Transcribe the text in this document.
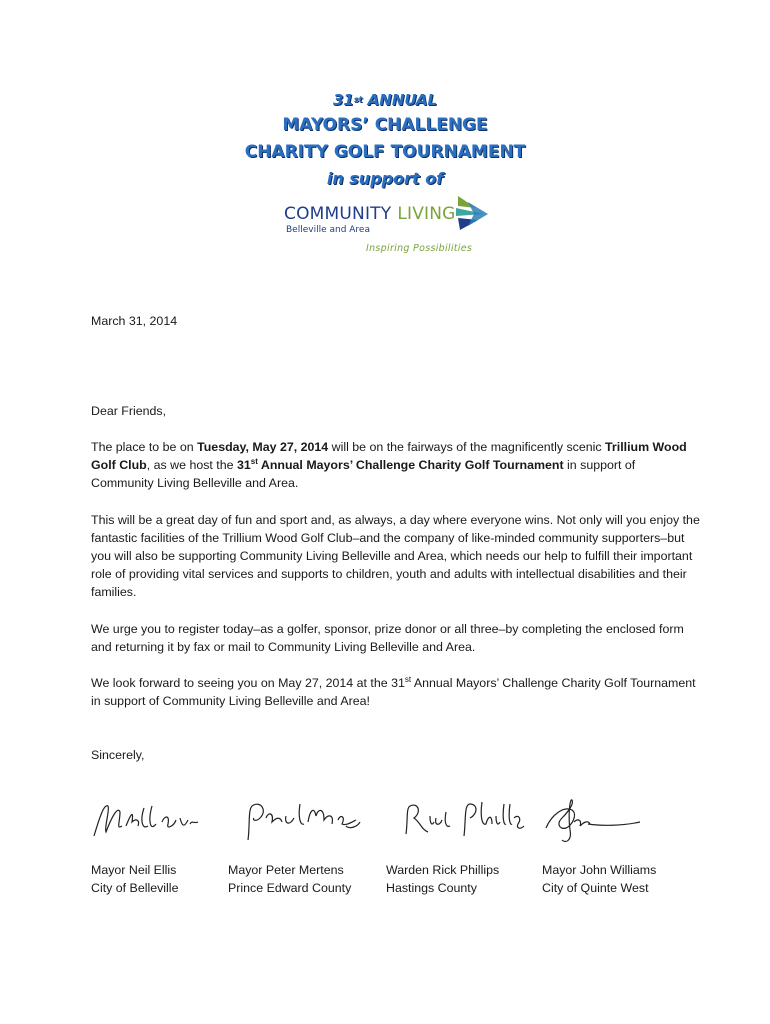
31st ANNUAL
MAYORS’ CHALLENGE
CHARITY GOLF TOURNAMENT
in support of
COMMUNITY LIVING
Belleville and Area
Inspiring Possibilities
March 31, 2014
Dear Friends,
The place to be on Tuesday, May 27, 2014 will be on the fairways of the magnificently scenic Trillium Wood Golf Club, as we host the 31st Annual Mayors’ Challenge Charity Golf Tournament in support of Community Living Belleville and Area.
This will be a great day of fun and sport and, as always, a day where everyone wins. Not only will you enjoy the fantastic facilities of the Trillium Wood Golf Club–and the company of like-minded community supporters–but you will also be supporting Community Living Belleville and Area, which needs our help to fulfill their important role of providing vital services and supports to children, youth and adults with intellectual disabilities and their families.
We urge you to register today–as a golfer, sponsor, prize donor or all three–by completing the enclosed form and returning it by fax or mail to Community Living Belleville and Area.
We look forward to seeing you on May 27, 2014 at the 31st Annual Mayors’ Challenge Charity Golf Tournament in support of Community Living Belleville and Area!
Sincerely,
Mayor Neil Ellis
City of Belleville
Mayor Peter Mertens
Prince Edward County
Warden Rick Phillips
Hastings County
Mayor John Williams
City of Quinte West
